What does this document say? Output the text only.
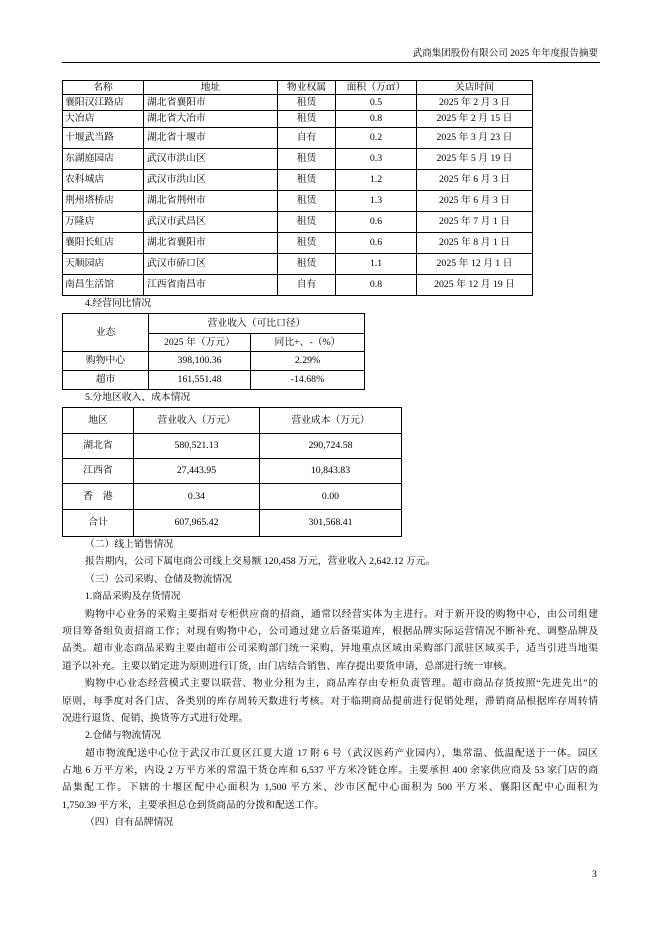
武商集团股份有限公司 2025 年年度报告摘要
名称	地址	物业权属	面积（万㎡）	关店时间
襄阳汉江路店	湖北省襄阳市	租赁	0.5	2025 年 2 月 3 日
大冶店	湖北省大冶市	租赁	0.8	2025 年 2 月 15 日
十堰武当路	湖北省十堰市	自有	0.2	2025 年 3 月 23 日
东湖庭园店	武汉市洪山区	租赁	0.3	2025 年 5 月 19 日
农科城店	武汉市洪山区	租赁	1.2	2025 年 6 月 3 日
荆州塔桥店	湖北省荆州市	租赁	1.3	2025 年 6 月 3 日
万隆店	武汉市武昌区	租赁	0.6	2025 年 7 月 1 日
襄阳长虹店	湖北省襄阳市	租赁	0.6	2025 年 8 月 1 日
天顺园店	武汉市硚口区	租赁	1.1	2025 年 12 月 1 日
南昌生活馆	江西省南昌市	自有	0.8	2025 年 12 月 19 日
4.经营同比情况
业态	营业收入（可比口径）	
	2025 年（万元）	同比+、-（%）
购物中心	398,100.36	2.29%
超市	161,551.48	-14.68%
5.分地区收入、成本情况
地区	营业收入（万元）	营业成本（万元）
湖北省	580,521.13	290,724.58
江西省	27,443.95	10,843.83
香　港	0.34	0.00
合计	607,965.42	301,568.41
（二）线上销售情况
报告期内，公司下属电商公司线上交易额 120,458 万元，营业收入 2,642.12 万元。
（三）公司采购、仓储及物流情况
1.商品采购及存货情况
购物中心业务的采购主要指对专柜供应商的招商，通常以经营实体为主进行。对于新开设的购物中心，由公司组建
项目筹备组负责招商工作；对现有购物中心，公司通过建立后备渠道库，根据品牌实际运营情况不断补充、调整品牌及
品类。超市业态商品采购主要由超市公司采购部门统一采购，异地重点区域由采购部门派驻区域买手，适当引进当地渠
道予以补充。主要以销定进为原则进行订货，由门店结合销售、库存提出要货申请，总部进行统一审核。
购物中心业态经营模式主要以联营、物业分租为主，商品库存由专柜负责管理。超市商品存货按照“先进先出”的
原则，每季度对各门店、各类别的库存周转天数进行考核。对于临期商品提前进行促销处理，滞销商品根据库存周转情
况进行退货、促销、换货等方式进行处理。
2.仓储与物流情况
超市物流配送中心位于武汉市江夏区江夏大道 17 附 6 号（武汉医药产业园内），集常温、低温配送于一体。园区
占地 6 万平方米，内设 2 万平方米的常温干货仓库和 6,537 平方米冷链仓库。主要承担 400 余家供应商及 53 家门店的商
品集配工作。下辖的十堰区配中心面积为 1,500 平方米、沙市区配中心面积为 500 平方米、襄阳区配中心面积为
1,750.39 平方米，主要承担总仓到货商品的分拨和配送工作。
（四）自有品牌情况
3
